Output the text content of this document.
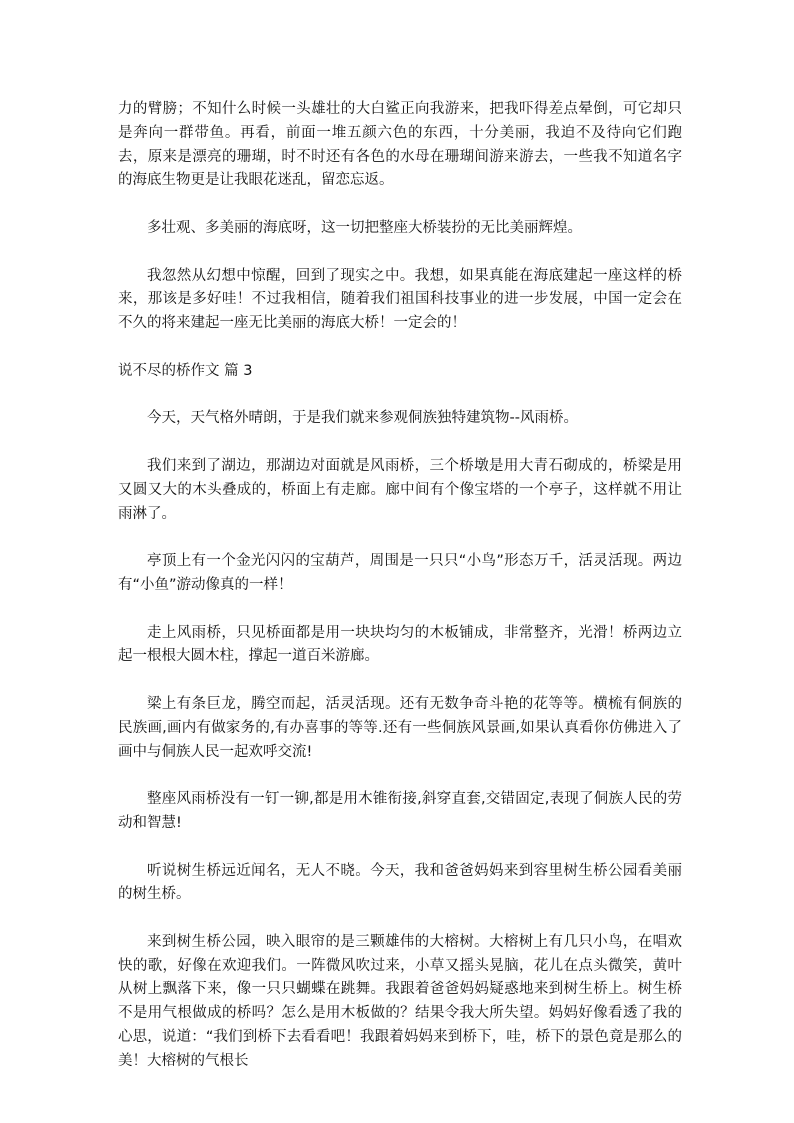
力的臂膀；不知什么时候一头雄壮的大白鲨正向我游来，把我吓得差点晕倒，可它却只是奔向一群带鱼。再看，前面一堆五颜六色的东西，十分美丽，我迫不及待向它们跑去，原来是漂亮的珊瑚，时不时还有各色的水母在珊瑚间游来游去，一些我不知道名字的海底生物更是让我眼花迷乱，留恋忘返。

多壮观、多美丽的海底呀，这一切把整座大桥装扮的无比美丽辉煌。

我忽然从幻想中惊醒，回到了现实之中。我想，如果真能在海底建起一座这样的桥来，那该是多好哇！不过我相信，随着我们祖国科技事业的进一步发展，中国一定会在不久的将来建起一座无比美丽的海底大桥！一定会的！

说不尽的桥作文 篇 3

今天，天气格外晴朗，于是我们就来参观侗族独特建筑物--风雨桥。

我们来到了湖边，那湖边对面就是风雨桥，三个桥墩是用大青石砌成的，桥梁是用又圆又大的木头叠成的，桥面上有走廊。廊中间有个像宝塔的一个亭子，这样就不用让雨淋了。

亭顶上有一个金光闪闪的宝葫芦，周围是一只只“小鸟”形态万千，活灵活现。两边有“小鱼”游动像真的一样！

走上风雨桥，只见桥面都是用一块块均匀的木板铺成，非常整齐，光滑！桥两边立起一根根大圆木柱，撑起一道百米游廊。

梁上有条巨龙，腾空而起，活灵活现。还有无数争奇斗艳的花等等。横梳有侗族的民族画,画内有做家务的,有办喜事的等等.还有一些侗族风景画,如果认真看你仿佛进入了画中与侗族人民一起欢呼交流!

整座风雨桥没有一钉一铆,都是用木锥衔接,斜穿直套,交错固定,表现了侗族人民的劳动和智慧!

听说树生桥远近闻名，无人不晓。今天，我和爸爸妈妈来到容里树生桥公园看美丽的树生桥。

来到树生桥公园，映入眼帘的是三颗雄伟的大榕树。大榕树上有几只小鸟，在唱欢快的歌，好像在欢迎我们。一阵微风吹过来，小草又摇头晃脑，花儿在点头微笑，黄叶从树上飘落下来，像一只只蝴蝶在跳舞。我跟着爸爸妈妈疑惑地来到树生桥上。树生桥不是用气根做成的桥吗？怎么是用木板做的？结果令我大所失望。妈妈好像看透了我的心思，说道：“我们到桥下去看看吧！我跟着妈妈来到桥下，哇，桥下的景色竟是那么的美！大榕树的气根长
